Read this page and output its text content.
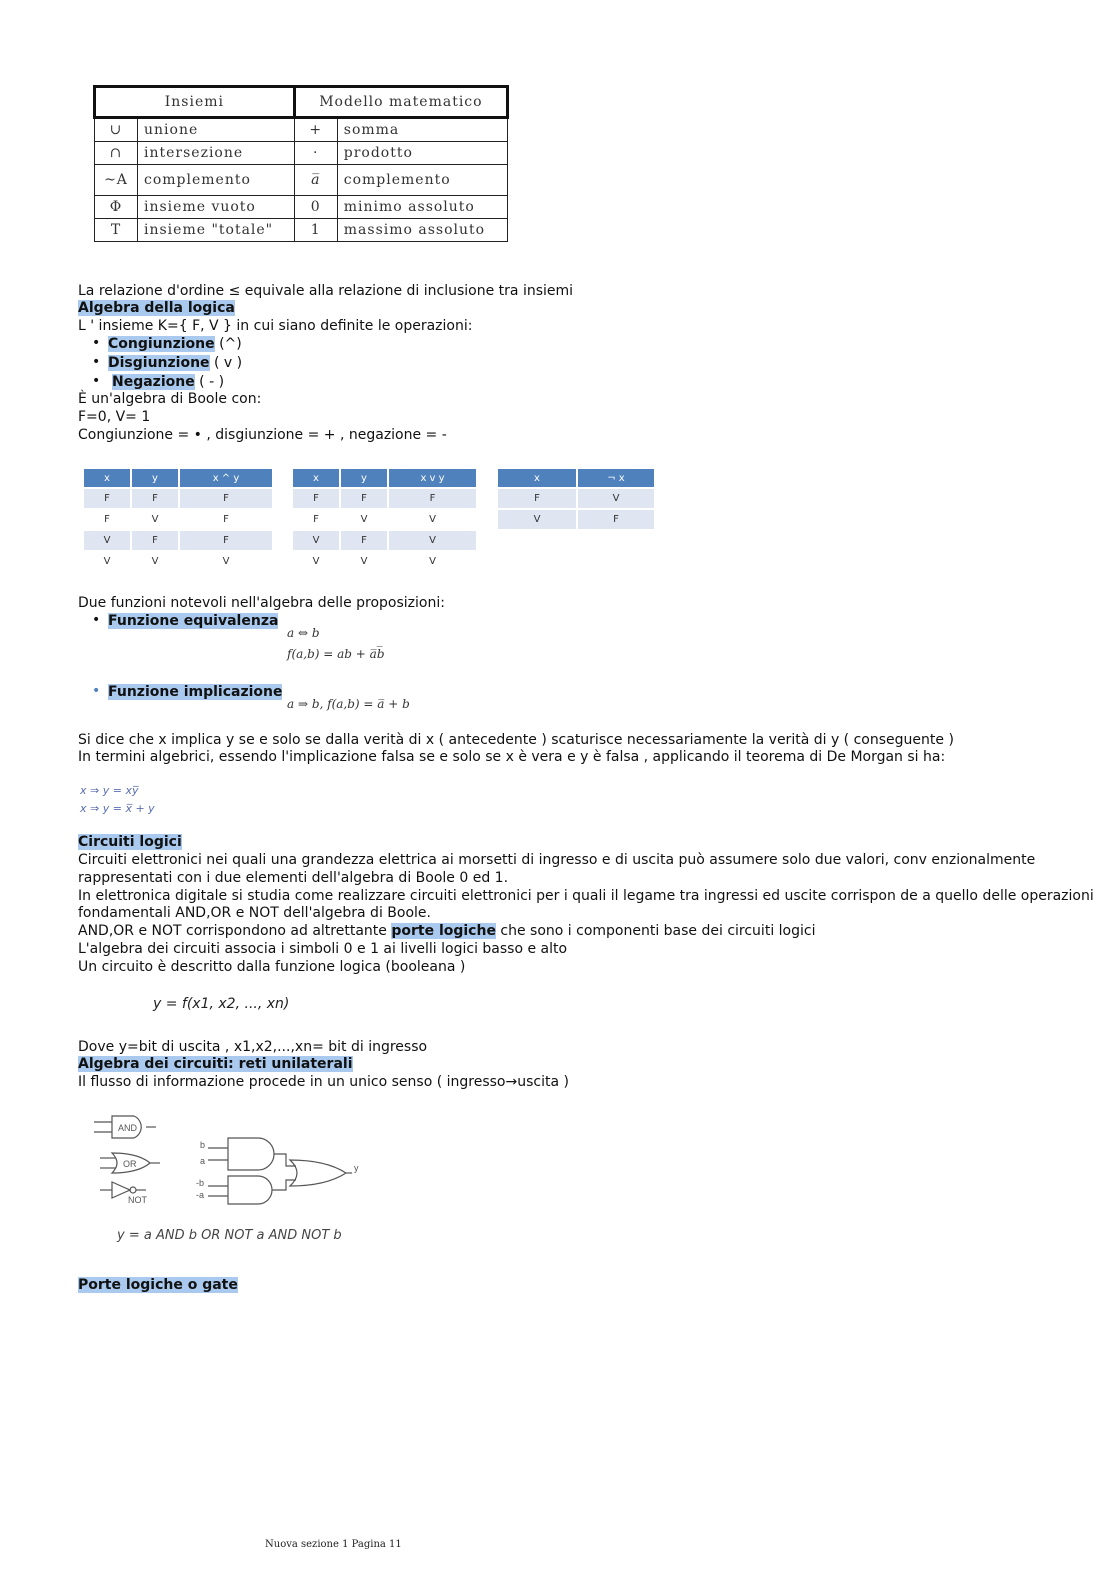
Insiemi		Modello matematico	
∪	unione	+	somma
∩	intersezione	·	prodotto
~A	complemento	a̅	complemento
Φ	insieme vuoto	0	minimo assoluto
T	insieme "totale"	1	massimo assoluto
La relazione d'ordine ≤ equivale alla relazione di inclusione tra insiemi
Algebra della logica
L ' insieme K={ F, V } in cui siano definite le operazioni:
• Congiunzione (^)
• Disgiunzione ( v )
• Negazione ( - )
È un'algebra di Boole con:
F=0, V= 1
Congiunzione = • , disgiunzione = + , negazione = -
x	y	x ^ y
F	F	F
F	V	F
V	F	F
V	V	V
x	y	x v y
F	F	F
F	V	V
V	F	V
V	V	V
x	¬ x
F	V
V	F
Due funzioni notevoli nell'algebra delle proposizioni:
• Funzione equivalenza
a ⇔ b
f(a,b) = ab + a̅b̅
• Funzione implicazione
a ⇒ b, f(a,b) = a̅ + b
Si dice che x implica y se e solo se dalla verità di x ( antecedente ) scaturisce necessariamente la verità di y ( conseguente )
In termini algebrici, essendo l'implicazione falsa se e solo se x è vera e y è falsa , applicando il teorema di De Morgan si ha:
x ⇒ y = xy̅
x ⇒ y = x̅ + y
Circuiti logici
Circuiti elettronici nei quali una grandezza elettrica ai morsetti di ingresso e di uscita può assumere solo due valori, conv enzionalmente
rappresentati con i due elementi dell'algebra di Boole 0 ed 1.
In elettronica digitale si studia come realizzare circuiti elettronici per i quali il legame tra ingressi ed uscite corrispon de a quello delle operazioni
fondamentali AND,OR e NOT dell'algebra di Boole.
AND,OR e NOT corrispondono ad altrettante porte logiche che sono i componenti base dei circuiti logici
L'algebra dei circuiti associa i simboli 0 e 1 ai livelli logici basso e alto
Un circuito è descritto dalla funzione logica (booleana )
y = f(x1, x2, ..., xn)
Dove y=bit di uscita , x1,x2,...,xn= bit di ingresso
Algebra dei circuiti: reti unilaterali
Il flusso di informazione procede in un unico senso ( ingresso→uscita )
AND
OR
NOT
b
a
-b
-a
y
y = a AND b OR NOT a AND NOT b
Porte logiche o gate
Nuova sezione 1 Pagina 11
